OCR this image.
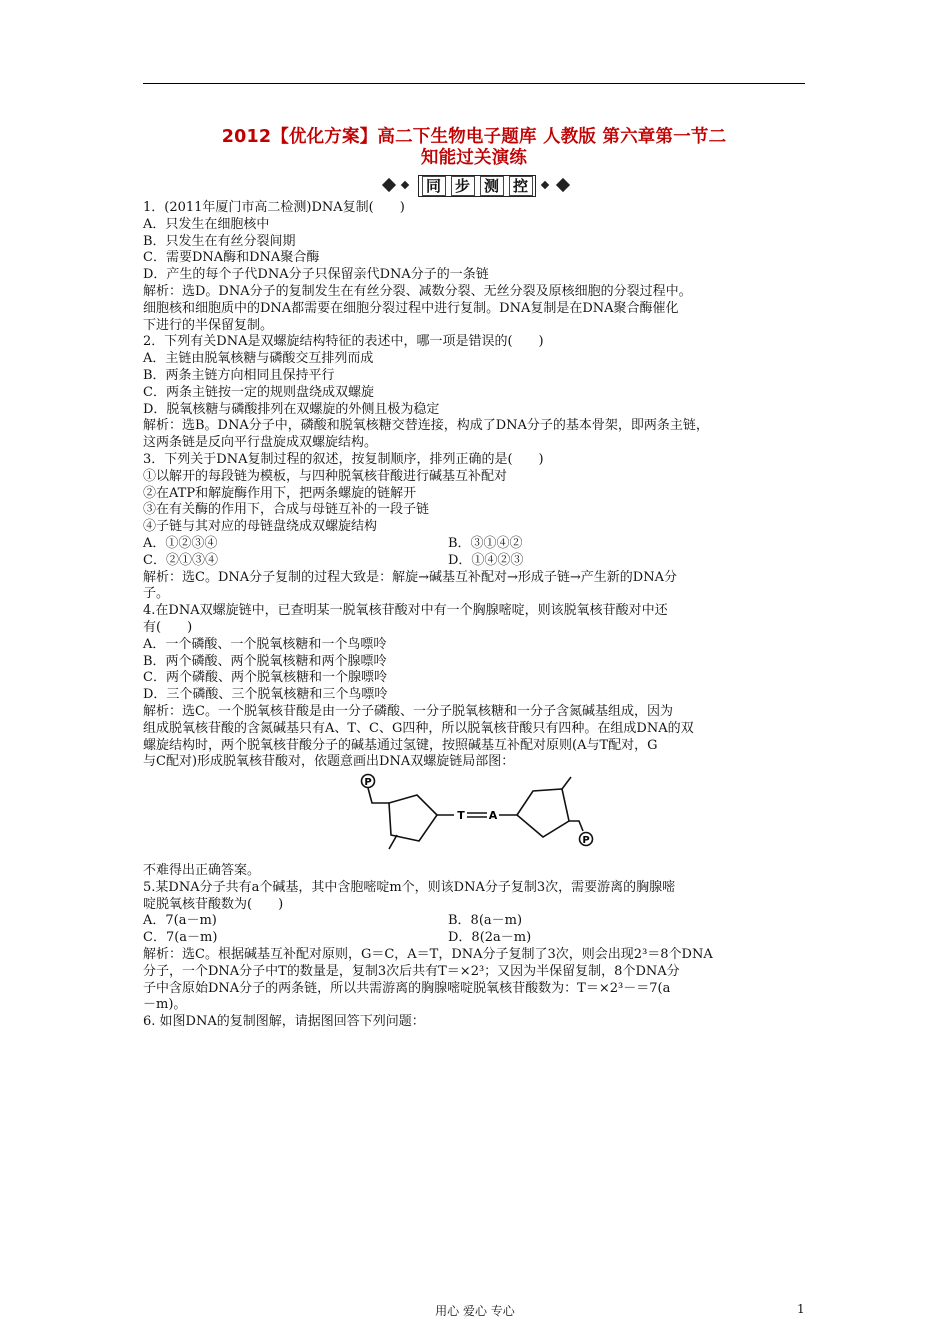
2012【优化方案】高二下生物电子题库 人教版 第六章第一节二
知能过关演练
同 步 测 控
1．(2011年厦门市高二检测)DNA复制(　　)
A．只发生在细胞核中
B．只发生在有丝分裂间期
C．需要DNA酶和DNA聚合酶
D．产生的每个子代DNA分子只保留亲代DNA分子的一条链
解析：选D。DNA分子的复制发生在有丝分裂、减数分裂、无丝分裂及原核细胞的分裂过程中。
细胞核和细胞质中的DNA都需要在细胞分裂过程中进行复制。DNA复制是在DNA聚合酶催化
下进行的半保留复制。
2．下列有关DNA是双螺旋结构特征的表述中，哪一项是错误的(　　)
A．主链由脱氧核糖与磷酸交互排列而成
B．两条主链方向相同且保持平行
C．两条主链按一定的规则盘绕成双螺旋
D．脱氧核糖与磷酸排列在双螺旋的外侧且极为稳定
解析：选B。DNA分子中，磷酸和脱氧核糖交替连接，构成了DNA分子的基本骨架，即两条主链，
这两条链是反向平行盘旋成双螺旋结构。
3．下列关于DNA复制过程的叙述，按复制顺序，排列正确的是(　　)
①以解开的每段链为模板，与四种脱氧核苷酸进行碱基互补配对
②在ATP和解旋酶作用下，把两条螺旋的链解开
③在有关酶的作用下，合成与母链互补的一段子链
④子链与其对应的母链盘绕成双螺旋结构
A．①②③④	B．③①④②
C．②①③④	D．①④②③
解析：选C。DNA分子复制的过程大致是：解旋→碱基互补配对→形成子链→产生新的DNA分
子。
4.在DNA双螺旋链中，已查明某一脱氧核苷酸对中有一个胸腺嘧啶，则该脱氧核苷酸对中还
有(　　)
A．一个磷酸、一个脱氧核糖和一个鸟嘌呤
B．两个磷酸、两个脱氧核糖和两个腺嘌呤
C．两个磷酸、两个脱氧核糖和一个腺嘌呤
D．三个磷酸、三个脱氧核糖和三个鸟嘌呤
解析：选C。一个脱氧核苷酸是由一分子磷酸、一分子脱氧核糖和一分子含氮碱基组成，因为
组成脱氧核苷酸的含氮碱基只有A、T、C、G四种，所以脱氧核苷酸只有四种。在组成DNA的双
螺旋结构时，两个脱氧核苷酸分子的碱基通过氢键，按照碱基互补配对原则(A与T配对，G
与C配对)形成脱氧核苷酸对，依题意画出DNA双螺旋链局部图：
P
P
T A
不难得出正确答案。
5.某DNA分子共有a个碱基，其中含胞嘧啶m个，则该DNA分子复制3次，需要游离的胸腺嘧
啶脱氧核苷酸数为(　　)
A．7(a－m)	B．8(a－m)
C．7(a－m)	D．8(2a－m)
解析：选C。根据碱基互补配对原则，G＝C，A＝T，DNA分子复制了3次，则会出现2³＝8个DNA
分子，一个DNA分子中T的数量是，复制3次后共有T＝×2³；又因为半保留复制，8个DNA分
子中含原始DNA分子的两条链，所以共需游离的胸腺嘧啶脱氧核苷酸数为：T＝×2³－＝7(a
－m)。
6. 如图DNA的复制图解，请据图回答下列问题：
用心 爱心 专心	1
